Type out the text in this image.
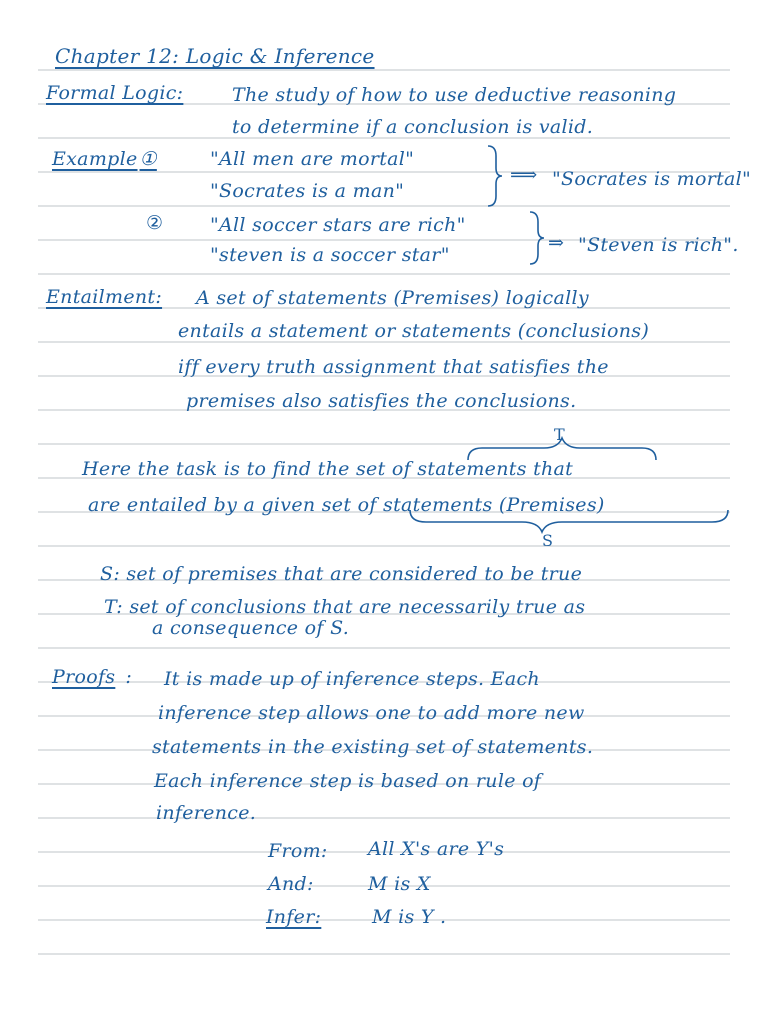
Chapter 12: Logic & Inference
Formal Logic:	The study of how to use deductive reasoning
to determine if a conclusion is valid.
Example ①	"All men are mortal"
"Socrates is a man"
⟹ "Socrates is mortal"
② "All soccer stars are rich"
"steven is a soccer star"
⇒ "Steven is rich".
Entailment: A set of statements (Premises) logically
entails a statement or statements (conclusions)
iff every truth assignment that satisfies the
premises also satisfies the conclusions.
T
Here the task is to find the set of statements that
are entailed by a given set of statements (Premises)
S
S: set of premises that are considered to be true
T: set of conclusions that are necessarily true as
a consequence of S.
Proofs : It is made up of inference steps. Each
inference step allows one to add more new
statements in the existing set of statements.
Each inference step is based on rule of
inference.
From: All X's are Y's
And:	M is X
Infer:	M is Y .
